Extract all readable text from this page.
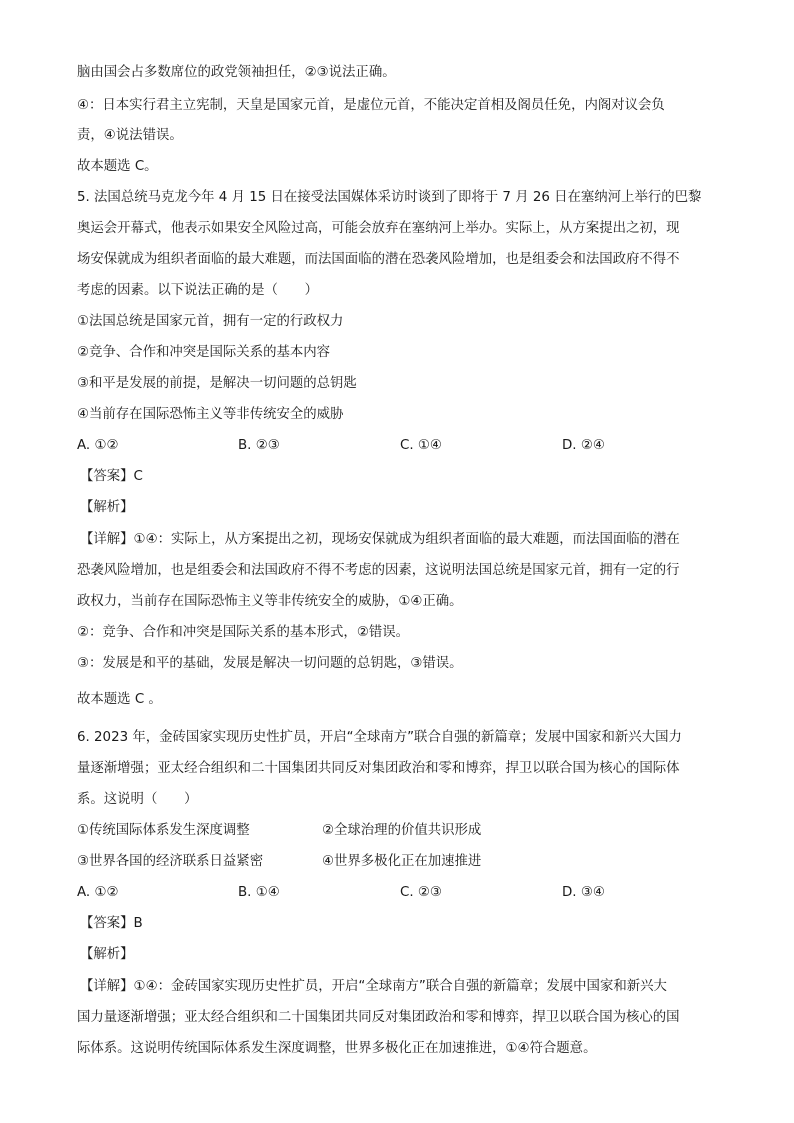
脑由国会占多数席位的政党领袖担任，②③说法正确。
④：日本实行君主立宪制，天皇是国家元首，是虚位元首，不能决定首相及阁员任免，内阁对议会负
责，④说法错误。
故本题选 C。
5. 法国总统马克龙今年 4 月 15 日在接受法国媒体采访时谈到了即将于 7 月 26 日在塞纳河上举行的巴黎
奥运会开幕式，他表示如果安全风险过高，可能会放弃在塞纳河上举办。实际上，从方案提出之初，现
场安保就成为组织者面临的最大难题，而法国面临的潜在恐袭风险增加，也是组委会和法国政府不得不
考虑的因素。以下说法正确的是（　　）
①法国总统是国家元首，拥有一定的行政权力
②竞争、合作和冲突是国际关系的基本内容
③和平是发展的前提，是解决一切问题的总钥匙
④当前存在国际恐怖主义等非传统安全的威胁
A. ①②	B. ②③	C. ①④	D. ②④
【答案】C
【解析】
【详解】①④：实际上，从方案提出之初，现场安保就成为组织者面临的最大难题，而法国面临的潜在
恐袭风险增加，也是组委会和法国政府不得不考虑的因素，这说明法国总统是国家元首，拥有一定的行
政权力，当前存在国际恐怖主义等非传统安全的威胁，①④正确。
②：竞争、合作和冲突是国际关系的基本形式，②错误。
③：发展是和平的基础，发展是解决一切问题的总钥匙，③错误。
故本题选 C 。
6. 2023 年，金砖国家实现历史性扩员，开启“全球南方”联合自强的新篇章；发展中国家和新兴大国力
量逐渐增强；亚太经合组织和二十国集团共同反对集团政治和零和博弈，捍卫以联合国为核心的国际体
系。这说明（　　）
①传统国际体系发生深度调整	②全球治理的价值共识形成
③世界各国的经济联系日益紧密	④世界多极化正在加速推进
A. ①②	B. ①④	C. ②③	D. ③④
【答案】B
【解析】
【详解】①④：金砖国家实现历史性扩员，开启“全球南方”联合自强的新篇章；发展中国家和新兴大
国力量逐渐增强；亚太经合组织和二十国集团共同反对集团政治和零和博弈，捍卫以联合国为核心的国
际体系。这说明传统国际体系发生深度调整，世界多极化正在加速推进，①④符合题意。
